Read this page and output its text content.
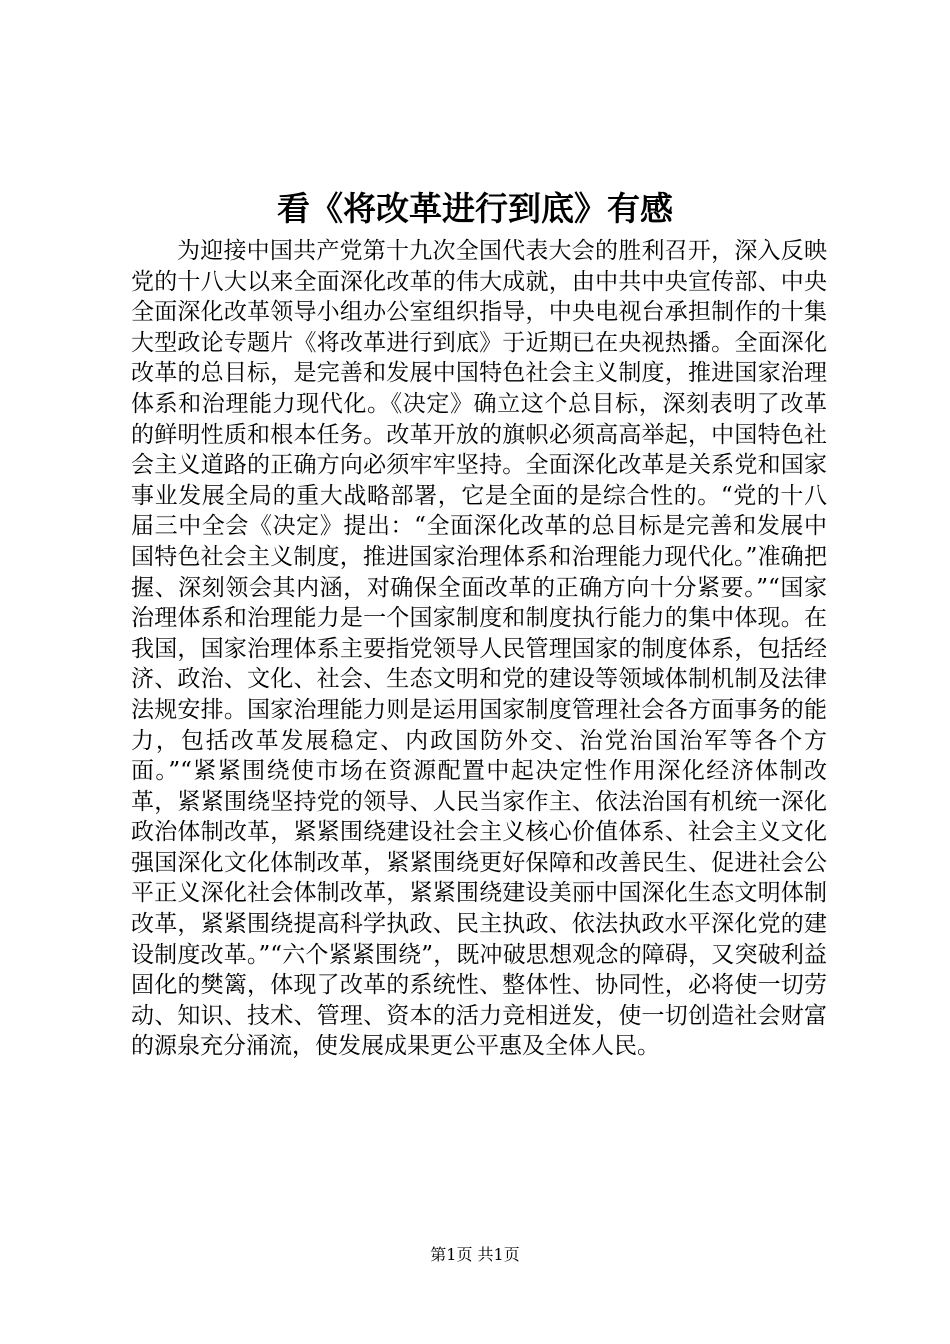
看《将改革进行到底》有感

为迎接中国共产党第十九次全国代表大会的胜利召开，深入反映党的十八大以来全面深化改革的伟大成就，由中共中央宣传部、中央全面深化改革领导小组办公室组织指导，中央电视台承担制作的十集大型政论专题片《将改革进行到底》于近期已在央视热播。全面深化改革的总目标，是完善和发展中国特色社会主义制度，推进国家治理体系和治理能力现代化。《决定》确立这个总目标，深刻表明了改革的鲜明性质和根本任务。改革开放的旗帜必须高高举起，中国特色社会主义道路的正确方向必须牢牢坚持。全面深化改革是关系党和国家事业发展全局的重大战略部署，它是全面的是综合性的。“党的十八届三中全会《决定》提出：“全面深化改革的总目标是完善和发展中国特色社会主义制度，推进国家治理体系和治理能力现代化。”准确把握、深刻领会其内涵，对确保全面改革的正确方向十分紧要。”“国家治理体系和治理能力是一个国家制度和制度执行能力的集中体现。在我国，国家治理体系主要指党领导人民管理国家的制度体系，包括经济、政治、文化、社会、生态文明和党的建设等领域体制机制及法律法规安排。国家治理能力则是运用国家制度管理社会各方面事务的能力，包括改革发展稳定、内政国防外交、治党治国治军等各个方面。”“紧紧围绕使市场在资源配置中起决定性作用深化经济体制改革，紧紧围绕坚持党的领导、人民当家作主、依法治国有机统一深化政治体制改革，紧紧围绕建设社会主义核心价值体系、社会主义文化强国深化文化体制改革，紧紧围绕更好保障和改善民生、促进社会公平正义深化社会体制改革，紧紧围绕建设美丽中国深化生态文明体制改革，紧紧围绕提高科学执政、民主执政、依法执政水平深化党的建设制度改革。”“六个紧紧围绕”，既冲破思想观念的障碍，又突破利益固化的樊篱，体现了改革的系统性、整体性、协同性，必将使一切劳动、知识、技术、管理、资本的活力竞相迸发，使一切创造社会财富的源泉充分涌流，使发展成果更公平惠及全体人民。

第1页 共1页
